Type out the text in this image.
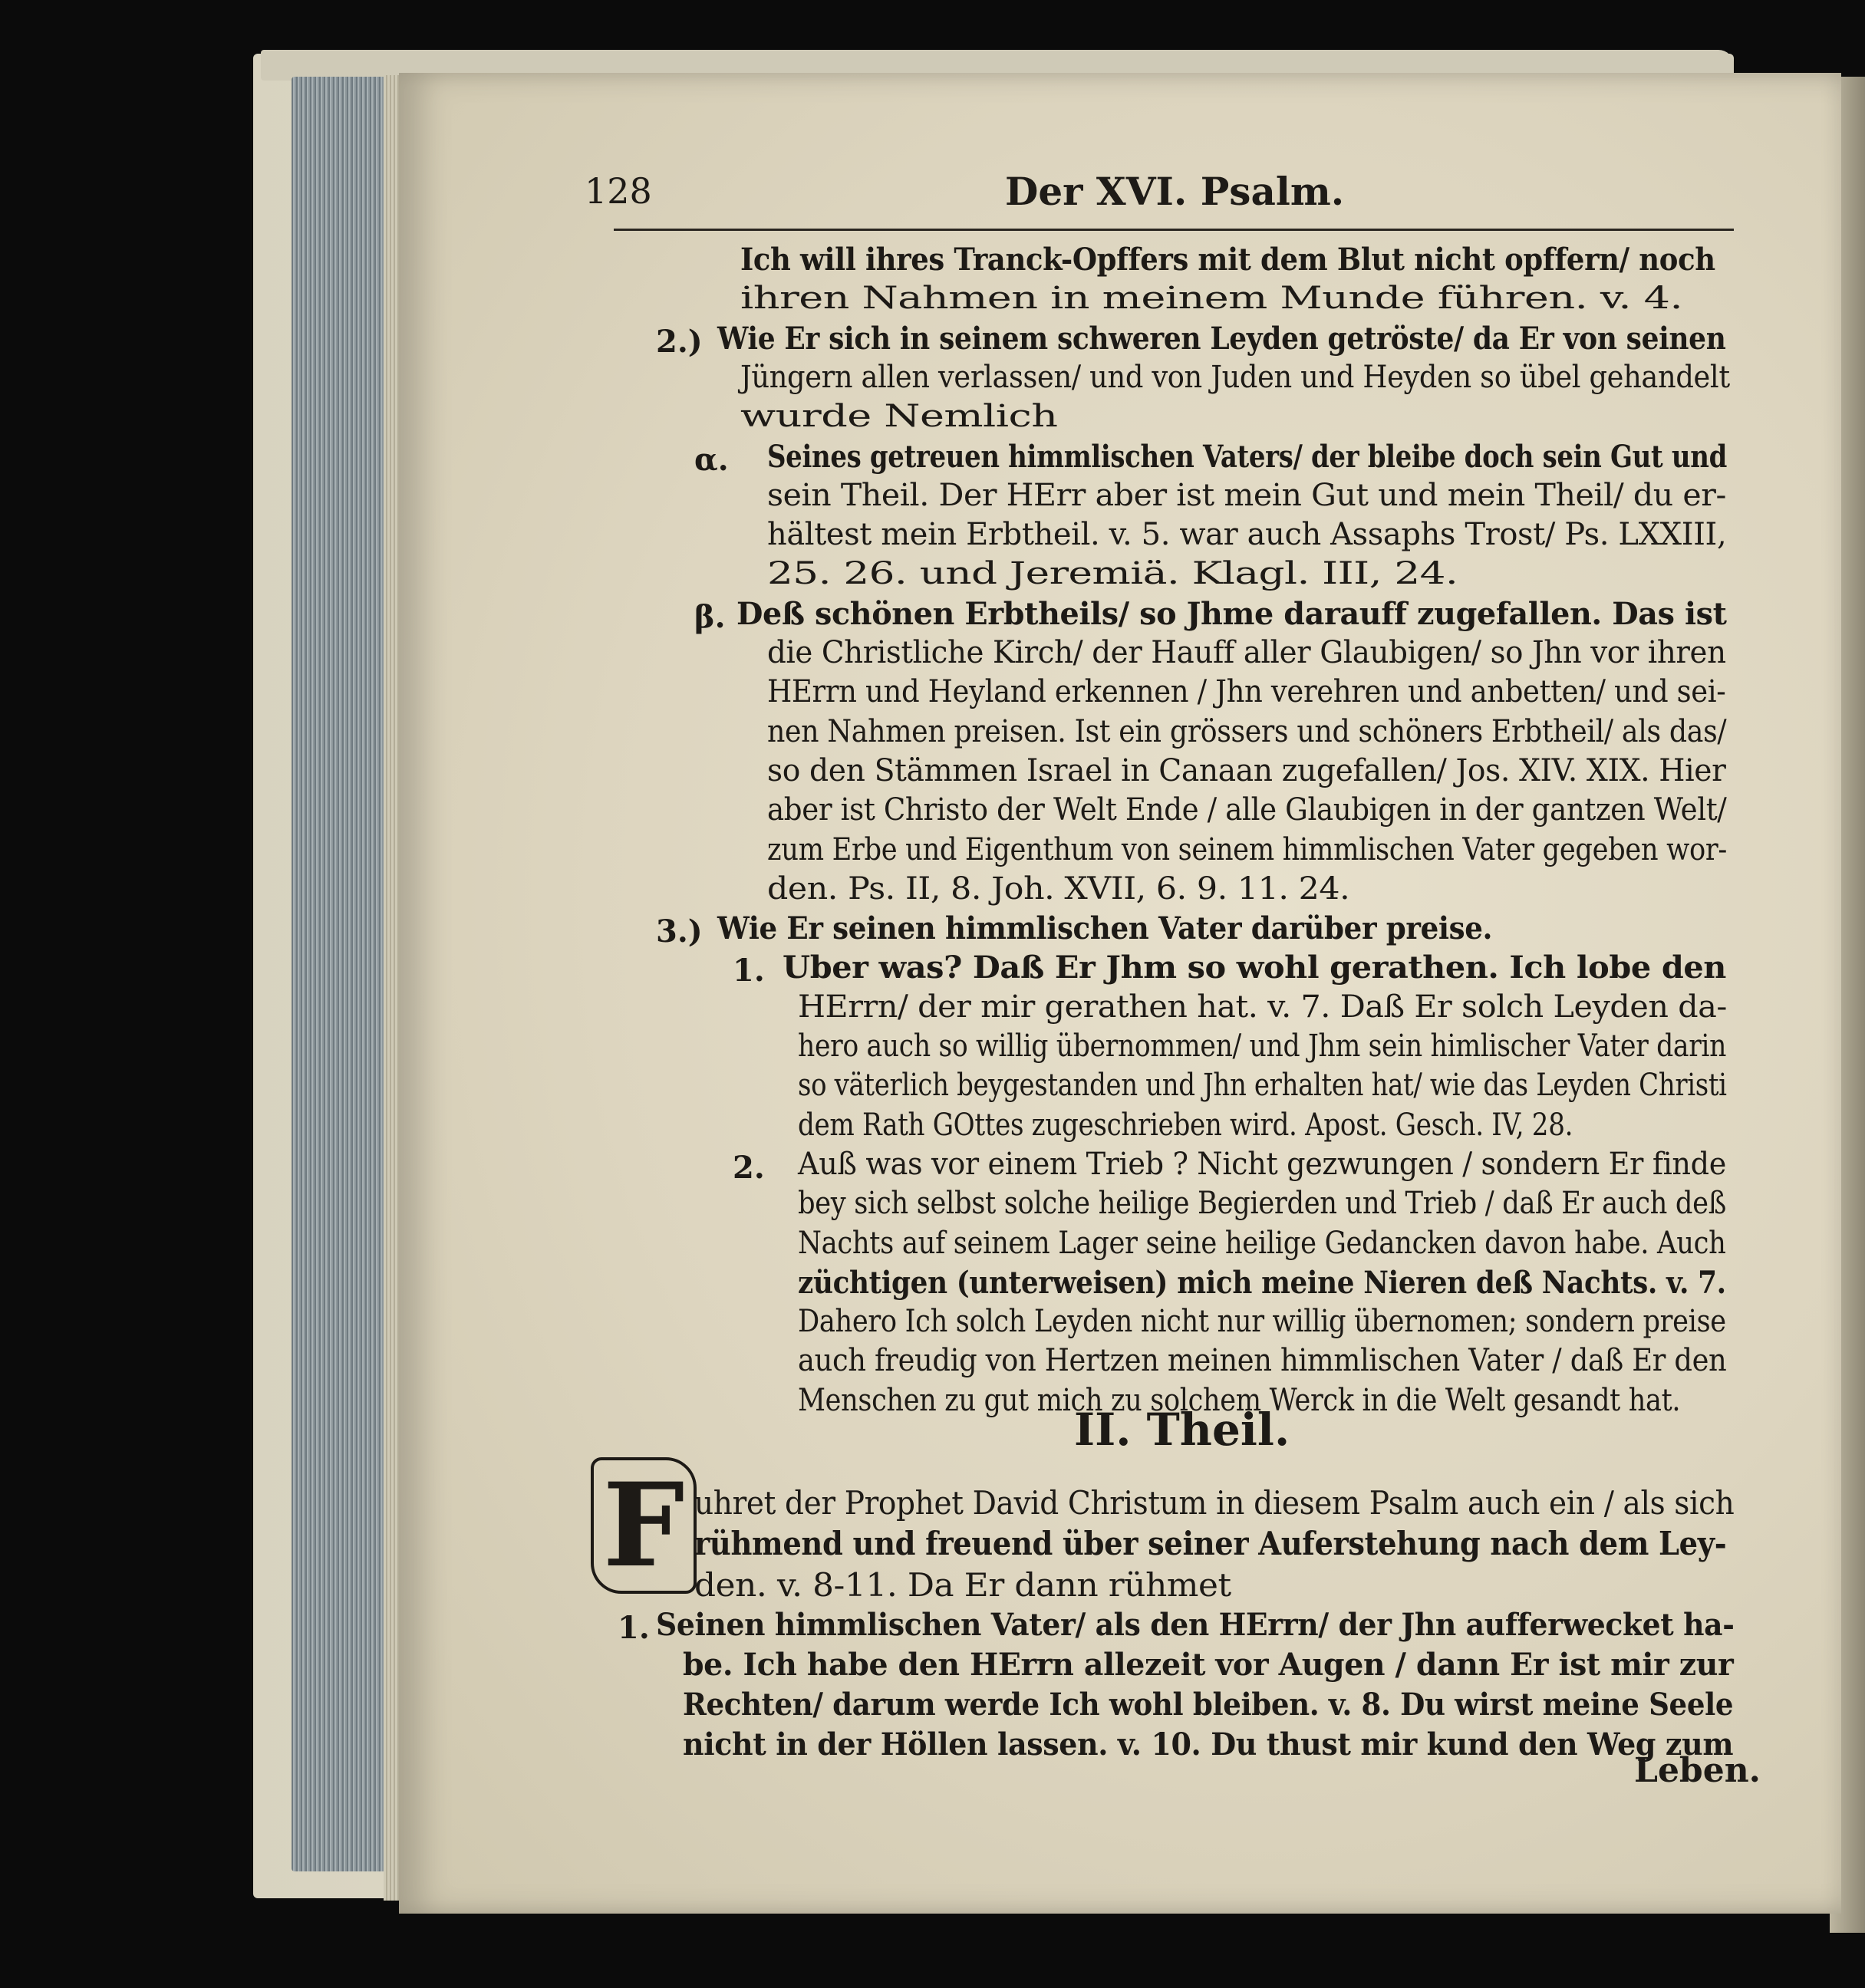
128	Der XVI. Psalm.
II. Theil.
F
Leben.
Ich will ihres Tranck-Opffers mit dem Blut nicht opffern/ noch
ihren Nahmen in meinem Munde führen. v. 4.
2.) Wie Er sich in seinem schweren Leyden getröste/ da Er von seinen
Jüngern allen verlassen/ und von Juden und Heyden so übel gehandelt
wurde Nemlich
α. Seines getreuen himmlischen Vaters/ der bleibe doch sein Gut und
sein Theil. Der HErr aber ist mein Gut und mein Theil/ du er-
hältest mein Erbtheil. v. 5. war auch Assaphs Trost/ Ps. LXXIII,
25. 26. und Jeremiä. Klagl. III, 24.
β. Deß schönen Erbtheils/ so Jhme darauff zugefallen. Das ist
die Christliche Kirch/ der Hauff aller Glaubigen/ so Jhn vor ihren
HErrn und Heyland erkennen / Jhn verehren und anbetten/ und sei-
nen Nahmen preisen. Ist ein grössers und schöners Erbtheil/ als das/
so den Stämmen Israel in Canaan zugefallen/ Jos. XIV. XIX. Hier
aber ist Christo der Welt Ende / alle Glaubigen in der gantzen Welt/
zum Erbe und Eigenthum von seinem himmlischen Vater gegeben wor-
den. Ps. II, 8. Joh. XVII, 6. 9. 11. 24.
3.) Wie Er seinen himmlischen Vater darüber preise.
1. Uber was? Daß Er Jhm so wohl gerathen. Ich lobe den
HErrn/ der mir gerathen hat. v. 7. Daß Er solch Leyden da-
hero auch so willig übernommen/ und Jhm sein himlischer Vater darin
so väterlich beygestanden und Jhn erhalten hat/ wie das Leyden Christi
dem Rath GOttes zugeschrieben wird. Apost. Gesch. IV, 28.
2. Auß was vor einem Trieb ? Nicht gezwungen / sondern Er finde
bey sich selbst solche heilige Begierden und Trieb / daß Er auch deß
Nachts auf seinem Lager seine heilige Gedancken davon habe. Auch
züchtigen (unterweisen) mich meine Nieren deß Nachts. v. 7.
Dahero Ich solch Leyden nicht nur willig übernomen; sondern preise
auch freudig von Hertzen meinen himmlischen Vater / daß Er den
Menschen zu gut mich zu solchem Werck in die Welt gesandt hat.
uhret der Prophet David Christum in diesem Psalm auch ein / als sich
rühmend und freuend über seiner Auferstehung nach dem Ley-
den. v. 8-11. Da Er dann rühmet
1. Seinen himmlischen Vater/ als den HErrn/ der Jhn aufferwecket ha-
be. Ich habe den HErrn allezeit vor Augen / dann Er ist mir zur
Rechten/ darum werde Ich wohl bleiben. v. 8. Du wirst meine Seele
nicht in der Höllen lassen. v. 10. Du thust mir kund den Weg zum
